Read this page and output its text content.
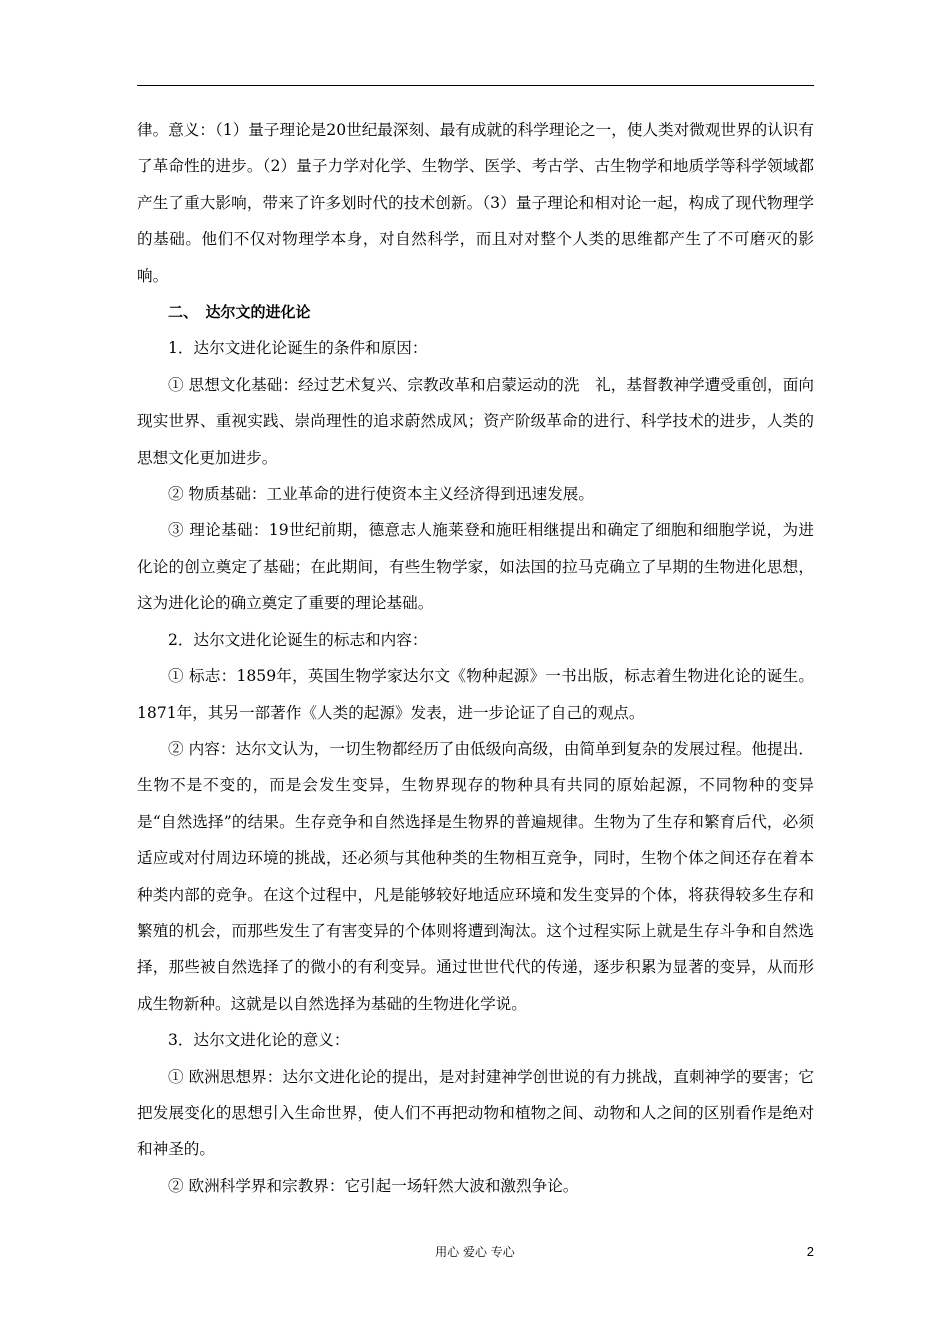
律。意义：（1）量子理论是20世纪最深刻、最有成就的科学理论之一，使人类对微观世界的认识有了革命性的进步。（2）量子力学对化学、生物学、医学、考古学、古生物学和地质学等科学领域都产生了重大影响，带来了许多划时代的技术创新。（3）量子理论和相对论一起，构成了现代物理学的基础。他们不仅对物理学本身，对自然科学，而且对对整个人类的思维都产生了不可磨灭的影响。

二、　达尔文的进化论

1．达尔文进化论诞生的条件和原因：

① 思想文化基础：经过艺术复兴、宗教改革和启蒙运动的洗　礼，基督教神学遭受重创，面向现实世界、重视实践、崇尚理性的追求蔚然成风；资产阶级革命的进行、科学技术的进步，人类的思想文化更加进步。

② 物质基础：工业革命的进行使资本主义经济得到迅速发展。

③ 理论基础：19世纪前期，德意志人施莱登和施旺相继提出和确定了细胞和细胞学说，为进化论的创立奠定了基础；在此期间，有些生物学家，如法国的拉马克确立了早期的生物进化思想，这为进化论的确立奠定了重要的理论基础。

2．达尔文进化论诞生的标志和内容：

① 标志：1859年，英国生物学家达尔文《物种起源》一书出版，标志着生物进化论的诞生。1871年，其另一部著作《人类的起源》发表，进一步论证了自己的观点。

② 内容：达尔文认为，一切生物都经历了由低级向高级，由简单到复杂的发展过程。他提出．生物不是不变的，而是会发生变异，生物界现存的物种具有共同的原始起源，不同物种的变异是“自然选择”的结果。生存竞争和自然选择是生物界的普遍规律。生物为了生存和繁育后代，必须适应或对付周边环境的挑战，还必须与其他种类的生物相互竞争，同时，生物个体之间还存在着本种类内部的竞争。在这个过程中，凡是能够较好地适应环境和发生变异的个体，将获得较多生存和繁殖的机会，而那些发生了有害变异的个体则将遭到淘汰。这个过程实际上就是生存斗争和自然选择，那些被自然选择了的微小的有利变异。通过世世代代的传递，逐步积累为显著的变异，从而形成生物新种。这就是以自然选择为基础的生物进化学说。

3．达尔文进化论的意义：

① 欧洲思想界：达尔文进化论的提出，是对封建神学创世说的有力挑战，直刺神学的要害；它把发展变化的思想引入生命世界，使人们不再把动物和植物之间、动物和人之间的区别看作是绝对和神圣的。

② 欧洲科学界和宗教界：它引起一场轩然大波和激烈争论。

用心 爱心 专心	2
